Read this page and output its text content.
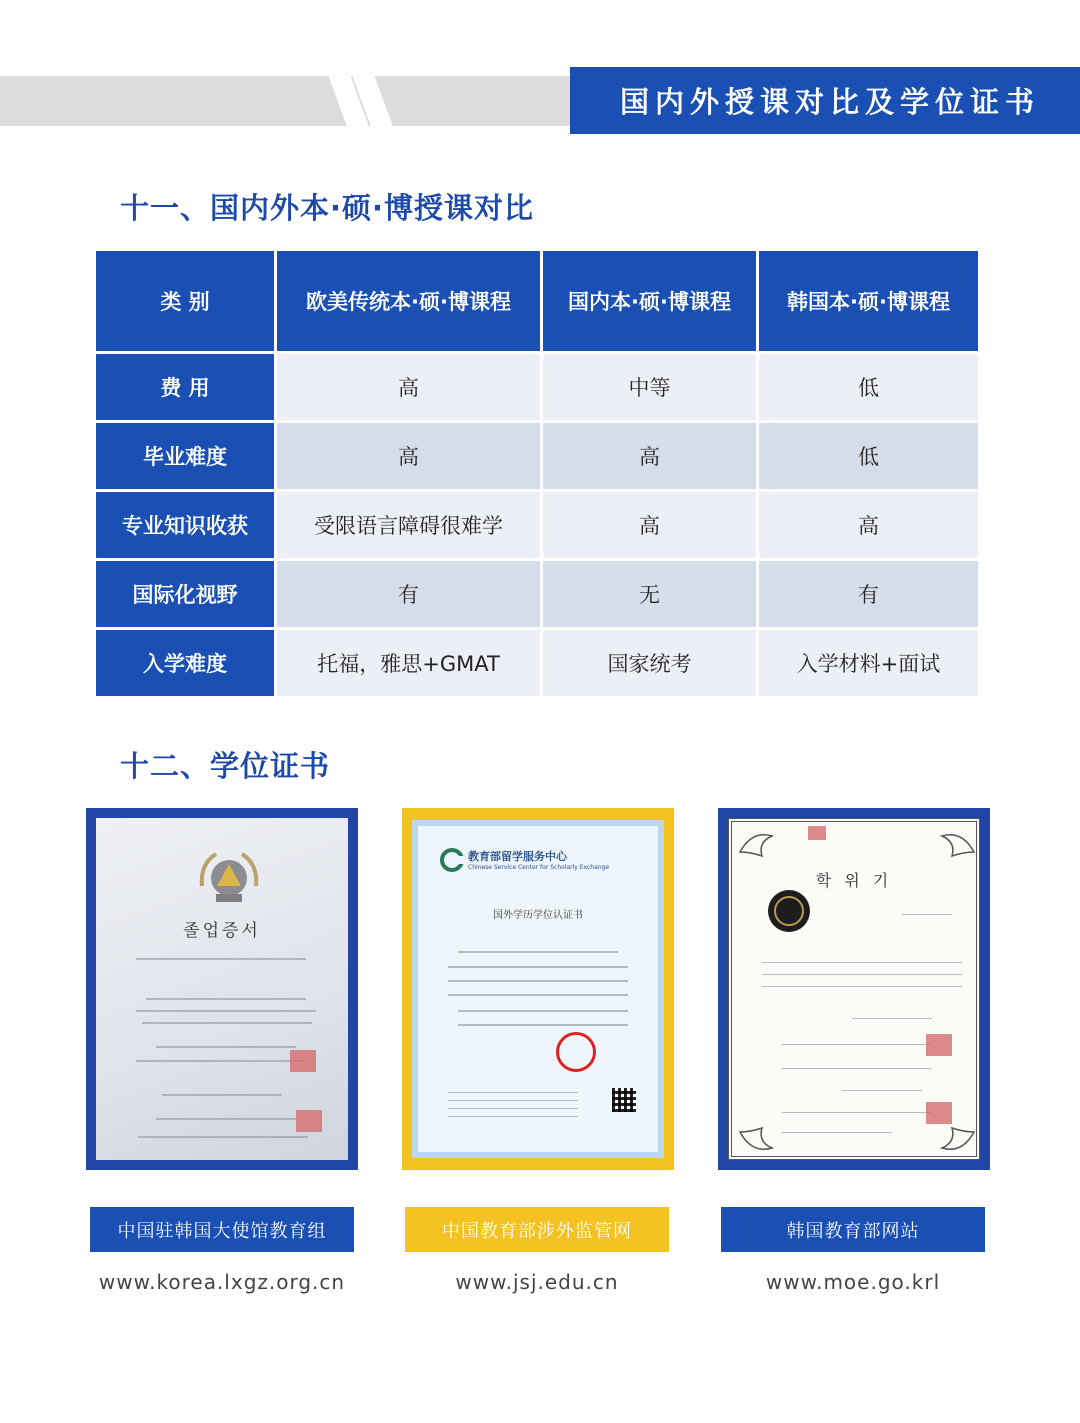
国内外授课对比及学位证书
十一、国内外本·硕·博授课对比
类 别	欧美传统本·硕·博课程	国内本·硕·博课程	韩国本·硕·博课程
费 用	高	中等	低
毕业难度	高	高	低
专业知识收获	受限语言障碍很难学	高	高
国际化视野	有	无	有
入学难度	托福，雅思+GMAT	国家统考	入学材料+面试
十二、学位证书
졸업증서
教育部留学服务中心
Chinese Service Center for Scholarly Exchange
国外学历学位认证书
학 위 기
中国驻韩国大使馆教育组	中国教育部涉外监管网	韩国教育部网站
www.korea.lxgz.org.cn	www.jsj.edu.cn	www.moe.go.krl
